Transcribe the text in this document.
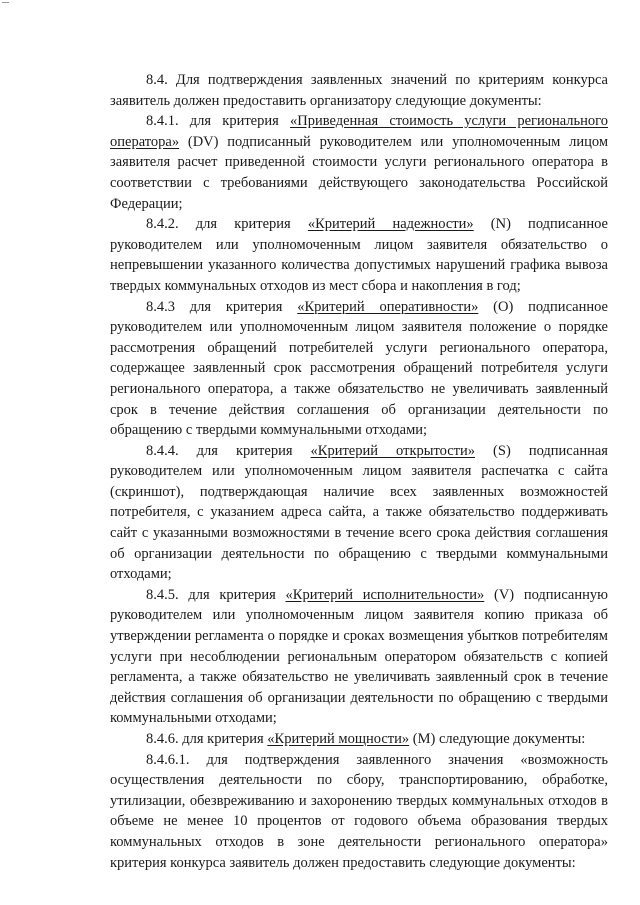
8.4. Для подтверждения заявленных значений по критериям конкурса заявитель должен предоставить организатору следующие документы:

8.4.1. для критерия «Приведенная стоимость услуги регионального оператора» (DV) подписанный руководителем или уполномоченным лицом заявителя расчет приведенной стоимости услуги регионального оператора в соответствии с требованиями действующего законодательства Российской Федерации;

8.4.2. для критерия «Критерий надежности» (N) подписанное руководителем или уполномоченным лицом заявителя обязательство о непревышении указанного количества допустимых нарушений графика вывоза твердых коммунальных отходов из мест сбора и накопления в год;

8.4.3 для критерия «Критерий оперативности» (О) подписанное руководителем или уполномоченным лицом заявителя положение о порядке рассмотрения обращений потребителей услуги регионального оператора, содержащее заявленный срок рассмотрения обращений потребителя услуги регионального оператора, а также обязательство не увеличивать заявленный срок в течение действия соглашения об организации деятельности по обращению с твердыми коммунальными отходами;

8.4.4. для критерия «Критерий открытости» (S) подписанная руководителем или уполномоченным лицом заявителя распечатка с сайта (скриншот), подтверждающая наличие всех заявленных возможностей потребителя, с указанием адреса сайта, а также обязательство поддерживать сайт с указанными возможностями в течение всего срока действия соглашения об организации деятельности по обращению с твердыми коммунальными отходами;

8.4.5. для критерия «Критерий исполнительности» (V) подписанную руководителем или уполномоченным лицом заявителя копию приказа об утверждении регламента о порядке и сроках возмещения убытков потребителям услуги при несоблюдении региональным оператором обязательств с копией регламента, а также обязательство не увеличивать заявленный срок в течение действия соглашения об организации деятельности по обращению с твердыми коммунальными отходами;

8.4.6. для критерия «Критерий мощности» (М) следующие документы:

8.4.6.1. для подтверждения заявленного значения «возможность осуществления деятельности по сбору, транспортированию, обработке, утилизации, обезвреживанию и захоронению твердых коммунальных отходов в объеме не менее 10 процентов от годового объема образования твердых коммунальных отходов в зоне деятельности регионального оператора» критерия конкурса заявитель должен предоставить следующие документы:
